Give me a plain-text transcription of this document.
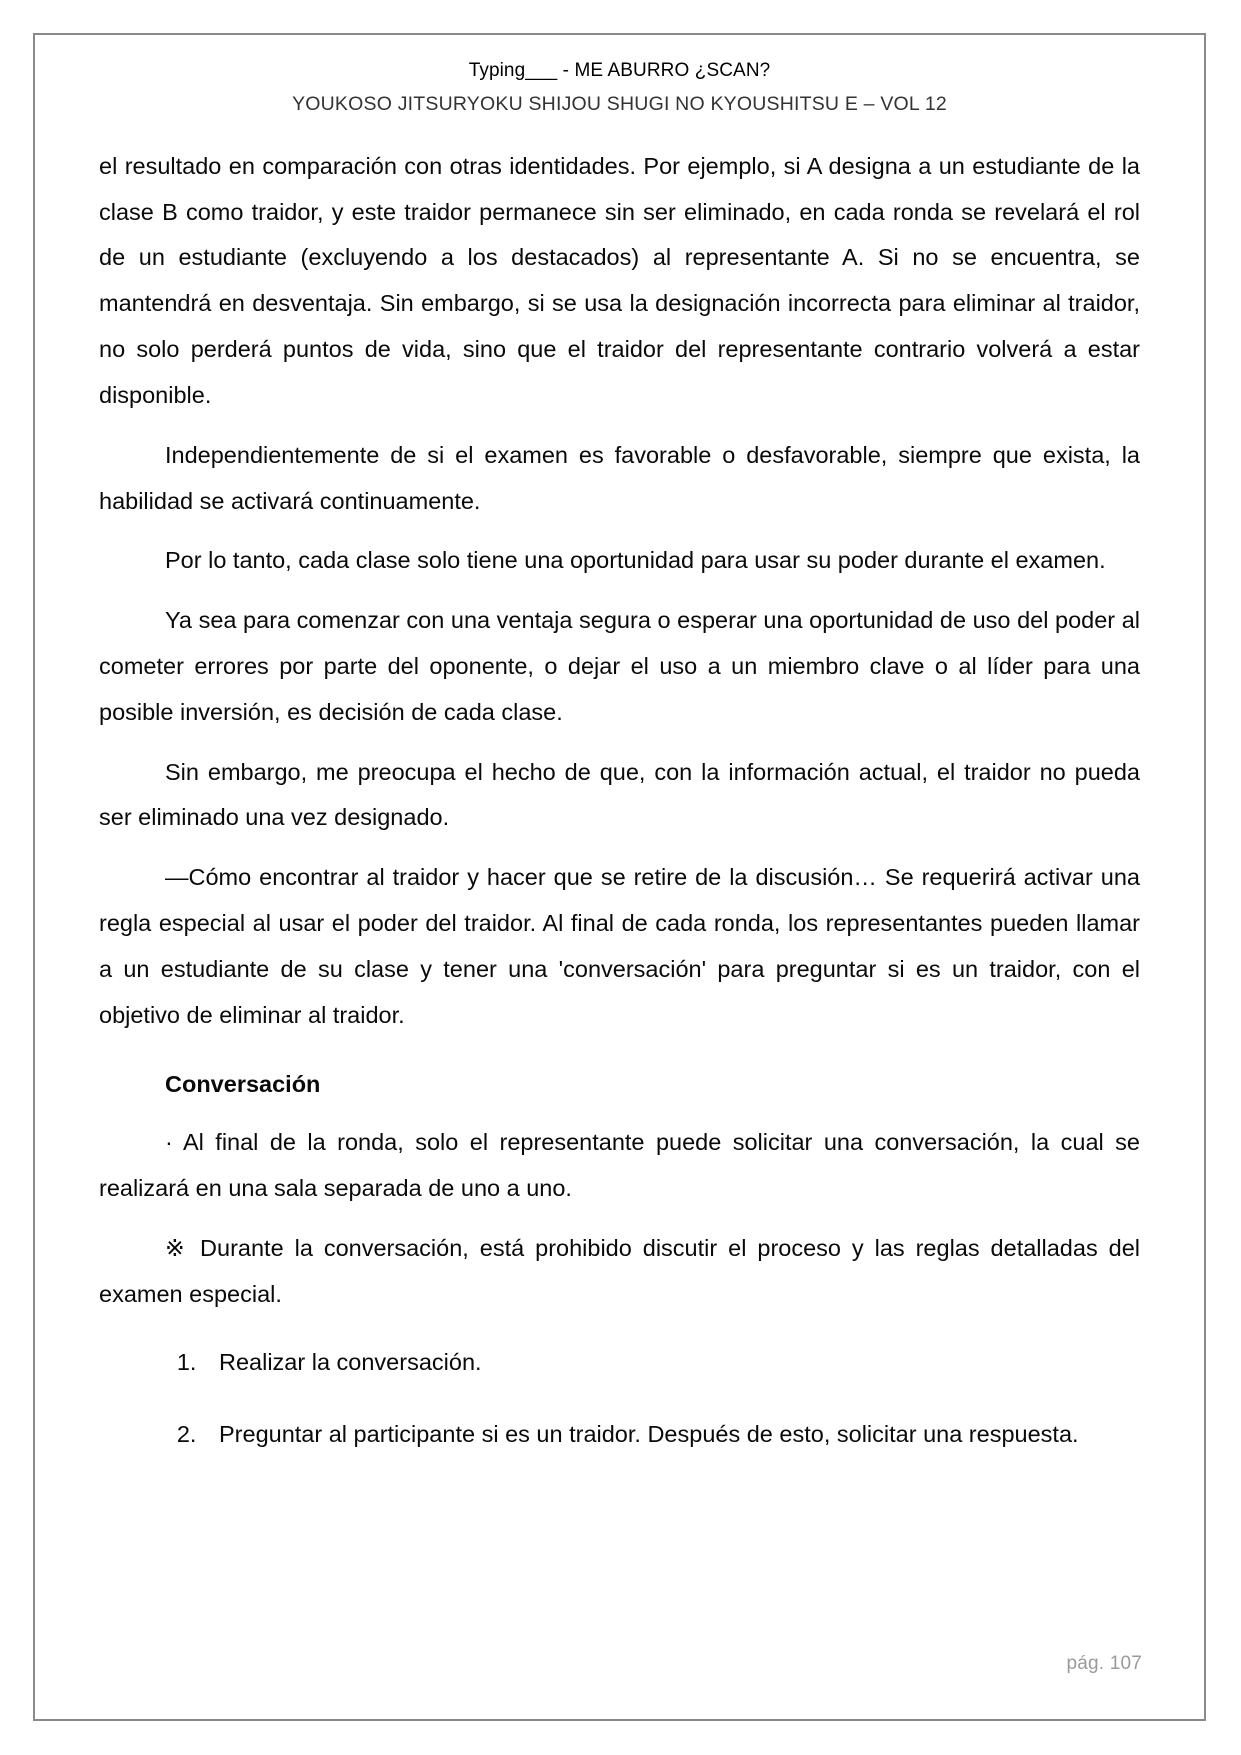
Typing___ - ME ABURRO ¿SCAN?
YOUKOSO JITSURYOKU SHIJOU SHUGI NO KYOUSHITSU E – VOL 12

el resultado en comparación con otras identidades. Por ejemplo, si A designa a un estudiante de la clase B como traidor, y este traidor permanece sin ser eliminado, en cada ronda se revelará el rol de un estudiante (excluyendo a los destacados) al representante A. Si no se encuentra, se mantendrá en desventaja. Sin embargo, si se usa la designación incorrecta para eliminar al traidor, no solo perderá puntos de vida, sino que el traidor del representante contrario volverá a estar disponible.

Independientemente de si el examen es favorable o desfavorable, siempre que exista, la habilidad se activará continuamente.

Por lo tanto, cada clase solo tiene una oportunidad para usar su poder durante el examen.

Ya sea para comenzar con una ventaja segura o esperar una oportunidad de uso del poder al cometer errores por parte del oponente, o dejar el uso a un miembro clave o al líder para una posible inversión, es decisión de cada clase.

Sin embargo, me preocupa el hecho de que, con la información actual, el traidor no pueda ser eliminado una vez designado.

—Cómo encontrar al traidor y hacer que se retire de la discusión… Se requerirá activar una regla especial al usar el poder del traidor. Al final de cada ronda, los representantes pueden llamar a un estudiante de su clase y tener una 'conversación' para preguntar si es un traidor, con el objetivo de eliminar al traidor.

Conversación

· Al final de la ronda, solo el representante puede solicitar una conversación, la cual se realizará en una sala separada de uno a uno.

※ Durante la conversación, está prohibido discutir el proceso y las reglas detalladas del examen especial.

1. Realizar la conversación.
2. Preguntar al participante si es un traidor. Después de esto, solicitar una respuesta.
pág. 107
